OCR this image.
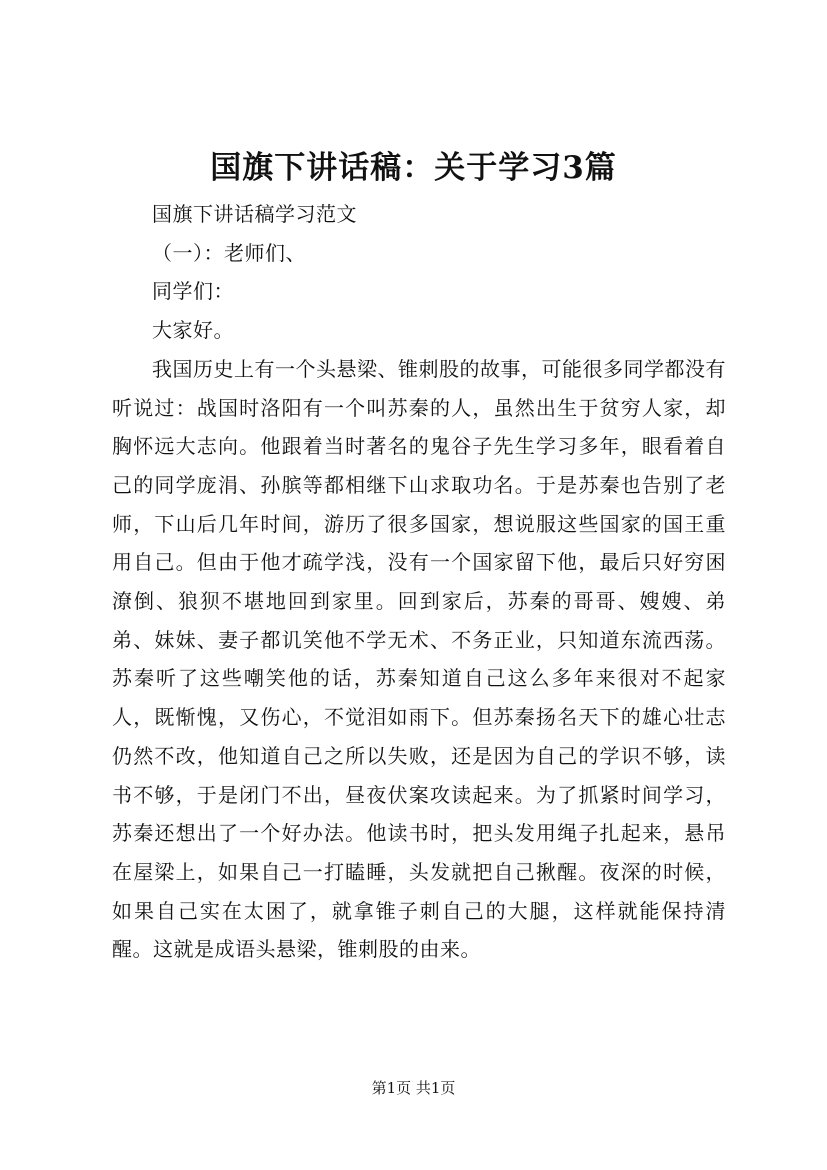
国旗下讲话稿：关于学习3篇

国旗下讲话稿学习范文

（一）：老师们、

同学们：

大家好。

我国历史上有一个头悬梁、锥刺股的故事，可能很多同学都没有听说过：战国时洛阳有一个叫苏秦的人，虽然出生于贫穷人家，却胸怀远大志向。他跟着当时著名的鬼谷子先生学习多年，眼看着自己的同学庞涓、孙膑等都相继下山求取功名。于是苏秦也告别了老师，下山后几年时间，游历了很多国家，想说服这些国家的国王重用自己。但由于他才疏学浅，没有一个国家留下他，最后只好穷困潦倒、狼狈不堪地回到家里。回到家后，苏秦的哥哥、嫂嫂、弟弟、妹妹、妻子都讥笑他不学无术、不务正业，只知道东流西荡。苏秦听了这些嘲笑他的话，苏秦知道自己这么多年来很对不起家人，既惭愧，又伤心，不觉泪如雨下。但苏秦扬名天下的雄心壮志仍然不改，他知道自己之所以失败，还是因为自己的学识不够，读书不够，于是闭门不出，昼夜伏案攻读起来。为了抓紧时间学习，苏秦还想出了一个好办法。他读书时，把头发用绳子扎起来，悬吊在屋梁上，如果自己一打瞌睡，头发就把自己揪醒。夜深的时候，如果自己实在太困了，就拿锥子刺自己的大腿，这样就能保持清醒。这就是成语头悬梁，锥刺股的由来。

第1页 共1页
